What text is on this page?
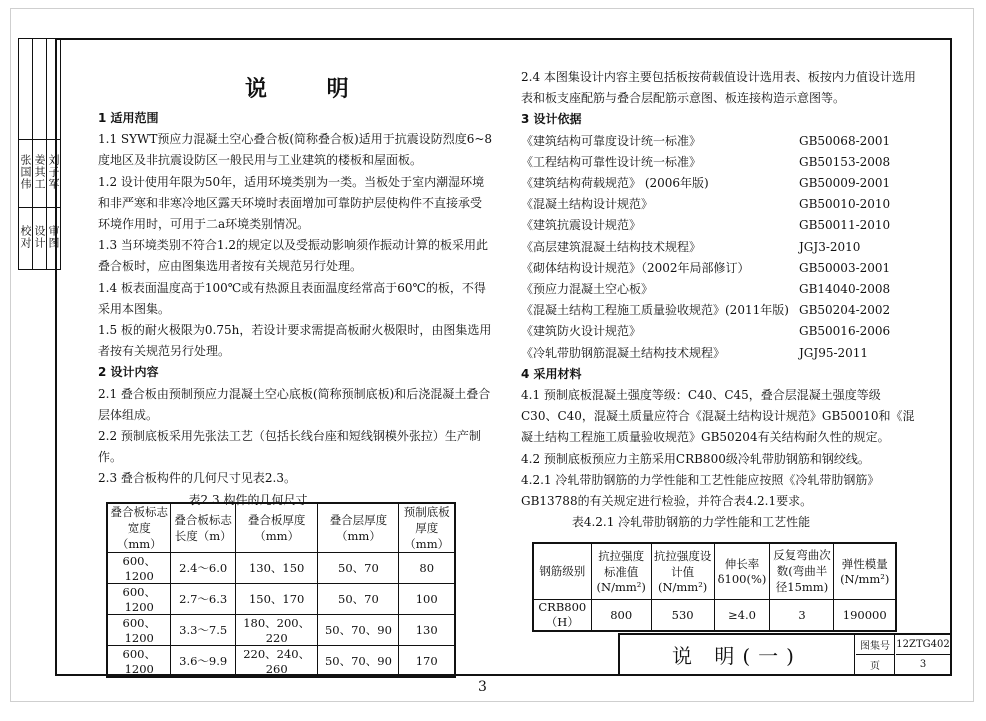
张国伟	姜其工	刘子军
校对	设计	审图
说 明

1 适用范围

1.1 SYWT预应力混凝土空心叠合板(简称叠合板)适用于抗震设防烈度6~8度地区及非抗震设防区一般民用与工业建筑的楼板和屋面板。

1.2 设计使用年限为50年，适用环境类别为一类。当板处于室内潮湿环境和非严寒和非寒冷地区露天环境时表面增加可靠防护层使构件不直接承受环境作用时，可用于二a环境类别情况。

1.3 当环境类别不符合1.2的规定以及受振动影响须作振动计算的板采用此叠合板时，应由图集选用者按有关规范另行处理。

1.4 板表面温度高于100℃或有热源且表面温度经常高于60℃的板，不得采用本图集。

1.5 板的耐火极限为0.75h，若设计要求需提高板耐火极限时，由图集选用者按有关规范另行处理。

2 设计内容

2.1 叠合板由预制预应力混凝土空心底板(简称预制底板)和后浇混凝土叠合层体组成。

2.2 预制底板采用先张法工艺（包括长线台座和短线钢模外张拉）生产制作。

2.3 叠合板构件的几何尺寸见表2.3。

表2.3 构件的几何尺寸

叠合板标志宽度（mm）	叠合板标志长度（m）	叠合板厚度（mm）	叠合层厚度（mm）	预制底板厚度（mm）
600、1200	2.4～6.0	130、150	50、70	80
600、1200	2.7～6.3	150、170	50、70	100
600、1200	3.3～7.5	180、200、220	50、70、90	130
600、1200	3.6～9.9	220、240、260	50、70、90	170

2.4 本图集设计内容主要包括板按荷载值设计选用表、板按内力值设计选用表和板支座配筋与叠合层配筋示意图、板连接构造示意图等。

3 设计依据

《建筑结构可靠度设计统一标准》	GB50068-2001
《工程结构可靠性设计统一标准》	GB50153-2008
《建筑结构荷载规范》 (2006年版)	GB50009-2001
《混凝土结构设计规范》	GB50010-2010
《建筑抗震设计规范》	GB50011-2010
《高层建筑混凝土结构技术规程》	JGJ3-2010
《砌体结构设计规范》（2002年局部修订）	GB50003-2001
《预应力混凝土空心板》	GB14040-2008
《混凝土结构工程施工质量验收规范》(2011年版) GB50204-2002
《建筑防火设计规范》	GB50016-2006
《冷轧带肋钢筋混凝土结构技术规程》	JGJ95-2011

4 采用材料

4.1 预制底板混凝土强度等级：C40、C45，叠合层混凝土强度等级C30、C40，混凝土质量应符合《混凝土结构设计规范》GB50010和《混凝土结构工程施工质量验收规范》GB50204有关结构耐久性的规定。

4.2 预制底板预应力主筋采用CRB800级冷轧带肋钢筋和钢绞线。

4.2.1 冷轧带肋钢筋的力学性能和工艺性能应按照《冷轧带肋钢筋》GB13788的有关规定进行检验，并符合表4.2.1要求。

表4.2.1 冷轧带肋钢筋的力学性能和工艺性能

钢筋级别	抗拉强度标准值(N/mm²)	抗拉强度设计值(N/mm²)	伸长率δ100(%)	反复弯曲次数(弯曲半径15mm)	弹性模量(N/mm²)
CRB800（H）	800	530	≥4.0	3	190000
说 明(一)	图集号 12ZTG402
页	3
3
